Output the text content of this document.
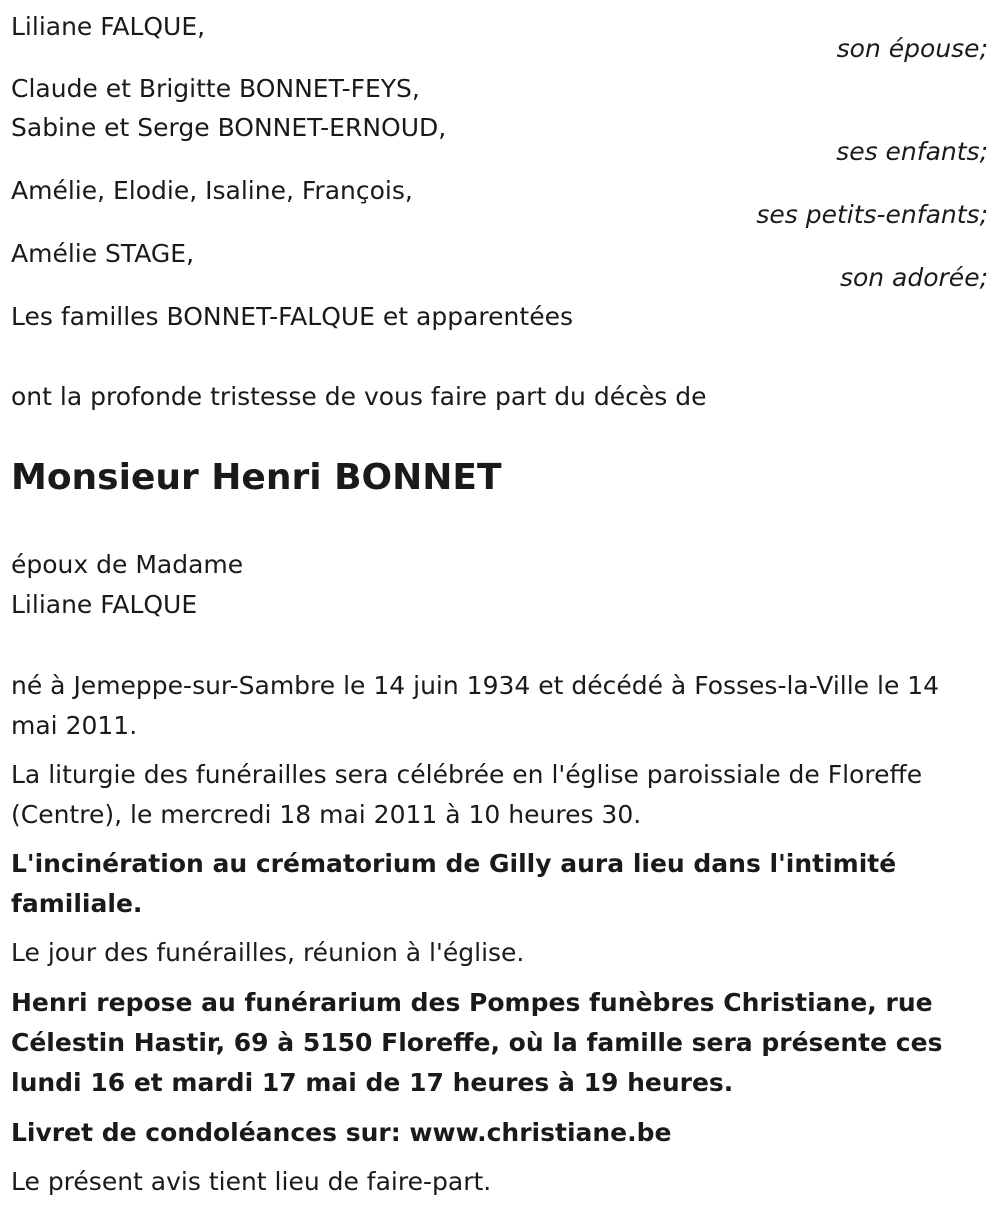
Liliane FALQUE,
son épouse;
Claude et Brigitte BONNET-FEYS,
Sabine et Serge BONNET-ERNOUD,
ses enfants;
Amélie, Elodie, Isaline, François,
ses petits-enfants;
Amélie STAGE,
son adorée;
Les familles BONNET-FALQUE et apparentées
ont la profonde tristesse de vous faire part du décès de
Monsieur Henri BONNET
époux de Madame
Liliane FALQUE
né à Jemeppe-sur-Sambre le 14 juin 1934 et décédé à Fosses-la-Ville le 14 mai 2011.
La liturgie des funérailles sera célébrée en l'église paroissiale de Floreffe (Centre), le mercredi 18 mai 2011 à 10 heures 30.
L'incinération au crématorium de Gilly aura lieu dans l'intimité familiale.
Le jour des funérailles, réunion à l'église.
Henri repose au funérarium des Pompes funèbres Christiane, rue Célestin Hastir, 69 à 5150 Floreffe, où la famille sera présente ces lundi 16 et mardi 17 mai de 17 heures à 19 heures.
Livret de condoléances sur: www.christiane.be
Le présent avis tient lieu de faire-part.
